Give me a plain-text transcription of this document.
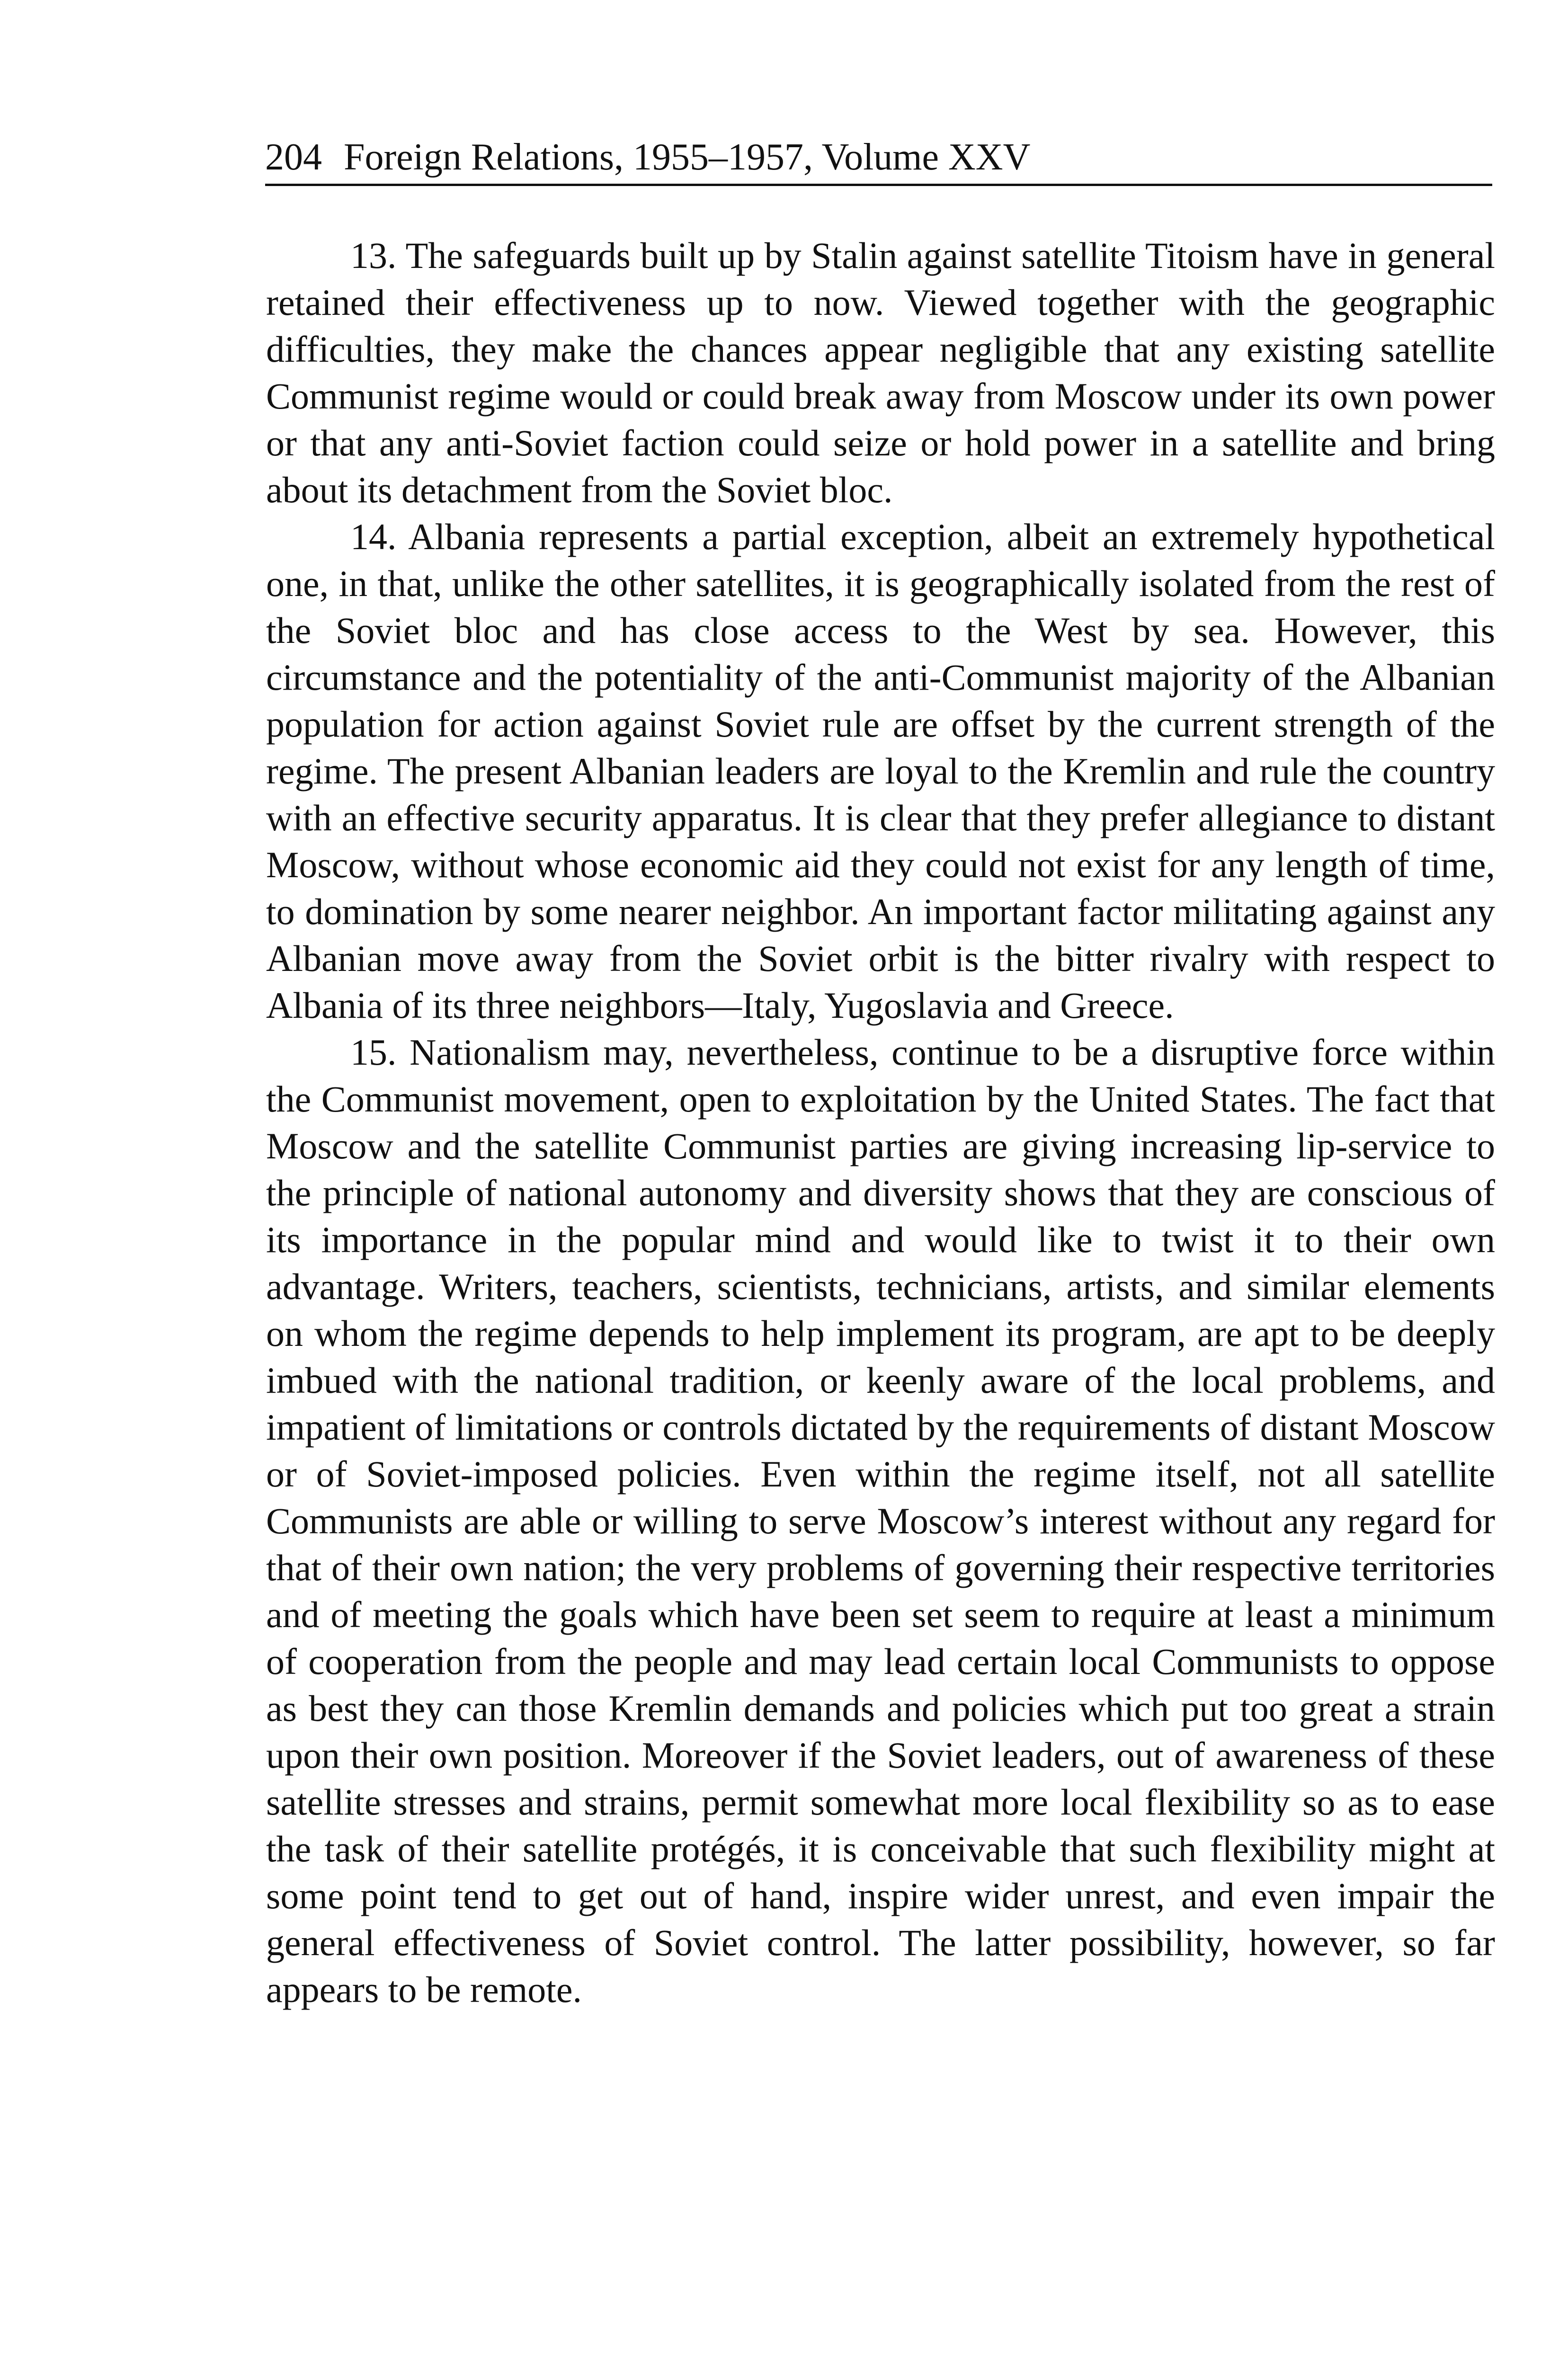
204 Foreign Relations, 1955–1957, Volume XXV

13. The safeguards built up by Stalin against satellite Titoism have in general retained their effectiveness up to now. Viewed together with the geographic difficulties, they make the chances appear negligible that any existing satellite Communist regime would or could break away from Moscow under its own power or that any anti-Soviet faction could seize or hold power in a satellite and bring about its detachment from the Soviet bloc.

14. Albania represents a partial exception, albeit an extremely hypothetical one, in that, unlike the other satellites, it is geographically isolated from the rest of the Soviet bloc and has close access to the West by sea. However, this circumstance and the potentiality of the anti-Communist majority of the Albanian population for action against Soviet rule are offset by the current strength of the regime. The present Albanian leaders are loyal to the Kremlin and rule the country with an effective security apparatus. It is clear that they prefer allegiance to distant Moscow, without whose economic aid they could not exist for any length of time, to domination by some nearer neighbor. An important factor militating against any Albanian move away from the Soviet orbit is the bitter rivalry with respect to Albania of its three neighbors—Italy, Yugoslavia and Greece.

15. Nationalism may, nevertheless, continue to be a disruptive force within the Communist movement, open to exploitation by the United States. The fact that Moscow and the satellite Communist parties are giving increasing lip-service to the principle of national autonomy and diversity shows that they are conscious of its importance in the popular mind and would like to twist it to their own advantage. Writers, teachers, scientists, technicians, artists, and similar elements on whom the regime depends to help implement its program, are apt to be deeply imbued with the national tradition, or keenly aware of the local problems, and impatient of limitations or controls dictated by the requirements of distant Moscow or of Soviet-imposed policies. Even within the regime itself, not all satellite Communists are able or willing to serve Moscow’s interest without any regard for that of their own nation; the very problems of governing their respective territories and of meeting the goals which have been set seem to require at least a minimum of cooperation from the people and may lead certain local Communists to oppose as best they can those Kremlin demands and policies which put too great a strain upon their own position. Moreover if the Soviet leaders, out of awareness of these satellite stresses and strains, permit somewhat more local flexibility so as to ease the task of their satellite protégés, it is conceivable that such flexibility might at some point tend to get out of hand, inspire wider unrest, and even impair the general effectiveness of Soviet control. The latter possibility, however, so far appears to be remote.
